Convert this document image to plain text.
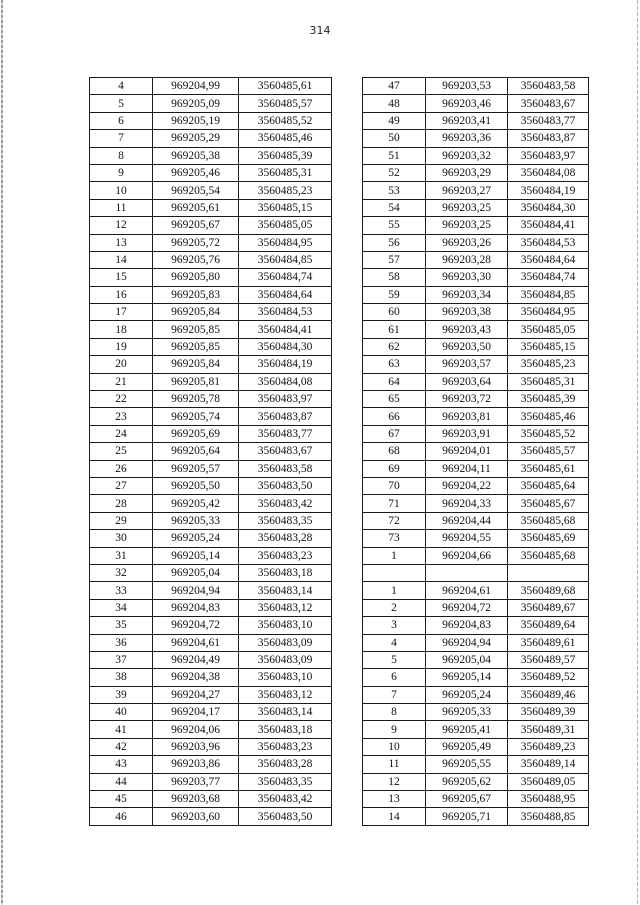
314
4	969204,99	3560485,61
5	969205,09	3560485,57
6	969205,19	3560485,52
7	969205,29	3560485,46
8	969205,38	3560485,39
9	969205,46	3560485,31
10	969205,54	3560485,23
11	969205,61	3560485,15
12	969205,67	3560485,05
13	969205,72	3560484,95
14	969205,76	3560484,85
15	969205,80	3560484,74
16	969205,83	3560484,64
17	969205,84	3560484,53
18	969205,85	3560484,41
19	969205,85	3560484,30
20	969205,84	3560484,19
21	969205,81	3560484,08
22	969205,78	3560483,97
23	969205,74	3560483,87
24	969205,69	3560483,77
25	969205,64	3560483,67
26	969205,57	3560483,58
27	969205,50	3560483,50
28	969205,42	3560483,42
29	969205,33	3560483,35
30	969205,24	3560483,28
31	969205,14	3560483,23
32	969205,04	3560483,18
33	969204,94	3560483,14
34	969204,83	3560483,12
35	969204,72	3560483,10
36	969204,61	3560483,09
37	969204,49	3560483,09
38	969204,38	3560483,10
39	969204,27	3560483,12
40	969204,17	3560483,14
41	969204,06	3560483,18
42	969203,96	3560483,23
43	969203,86	3560483,28
44	969203,77	3560483,35
45	969203,68	3560483,42
46	969203,60	3560483,50
47	969203,53	3560483,58
48	969203,46	3560483,67
49	969203,41	3560483,77
50	969203,36	3560483,87
51	969203,32	3560483,97
52	969203,29	3560484,08
53	969203,27	3560484,19
54	969203,25	3560484,30
55	969203,25	3560484,41
56	969203,26	3560484,53
57	969203,28	3560484,64
58	969203,30	3560484,74
59	969203,34	3560484,85
60	969203,38	3560484,95
61	969203,43	3560485,05
62	969203,50	3560485,15
63	969203,57	3560485,23
64	969203,64	3560485,31
65	969203,72	3560485,39
66	969203,81	3560485,46
67	969203,91	3560485,52
68	969204,01	3560485,57
69	969204,11	3560485,61
70	969204,22	3560485,64
71	969204,33	3560485,67
72	969204,44	3560485,68
73	969204,55	3560485,69
1	969204,66	3560485,68

1	969204,61	3560489,68
2	969204,72	3560489,67
3	969204,83	3560489,64
4	969204,94	3560489,61
5	969205,04	3560489,57
6	969205,14	3560489,52
7	969205,24	3560489,46
8	969205,33	3560489,39
9	969205,41	3560489,31
10	969205,49	3560489,23
11	969205,55	3560489,14
12	969205,62	3560489,05
13	969205,67	3560488,95
14	969205,71	3560488,85
